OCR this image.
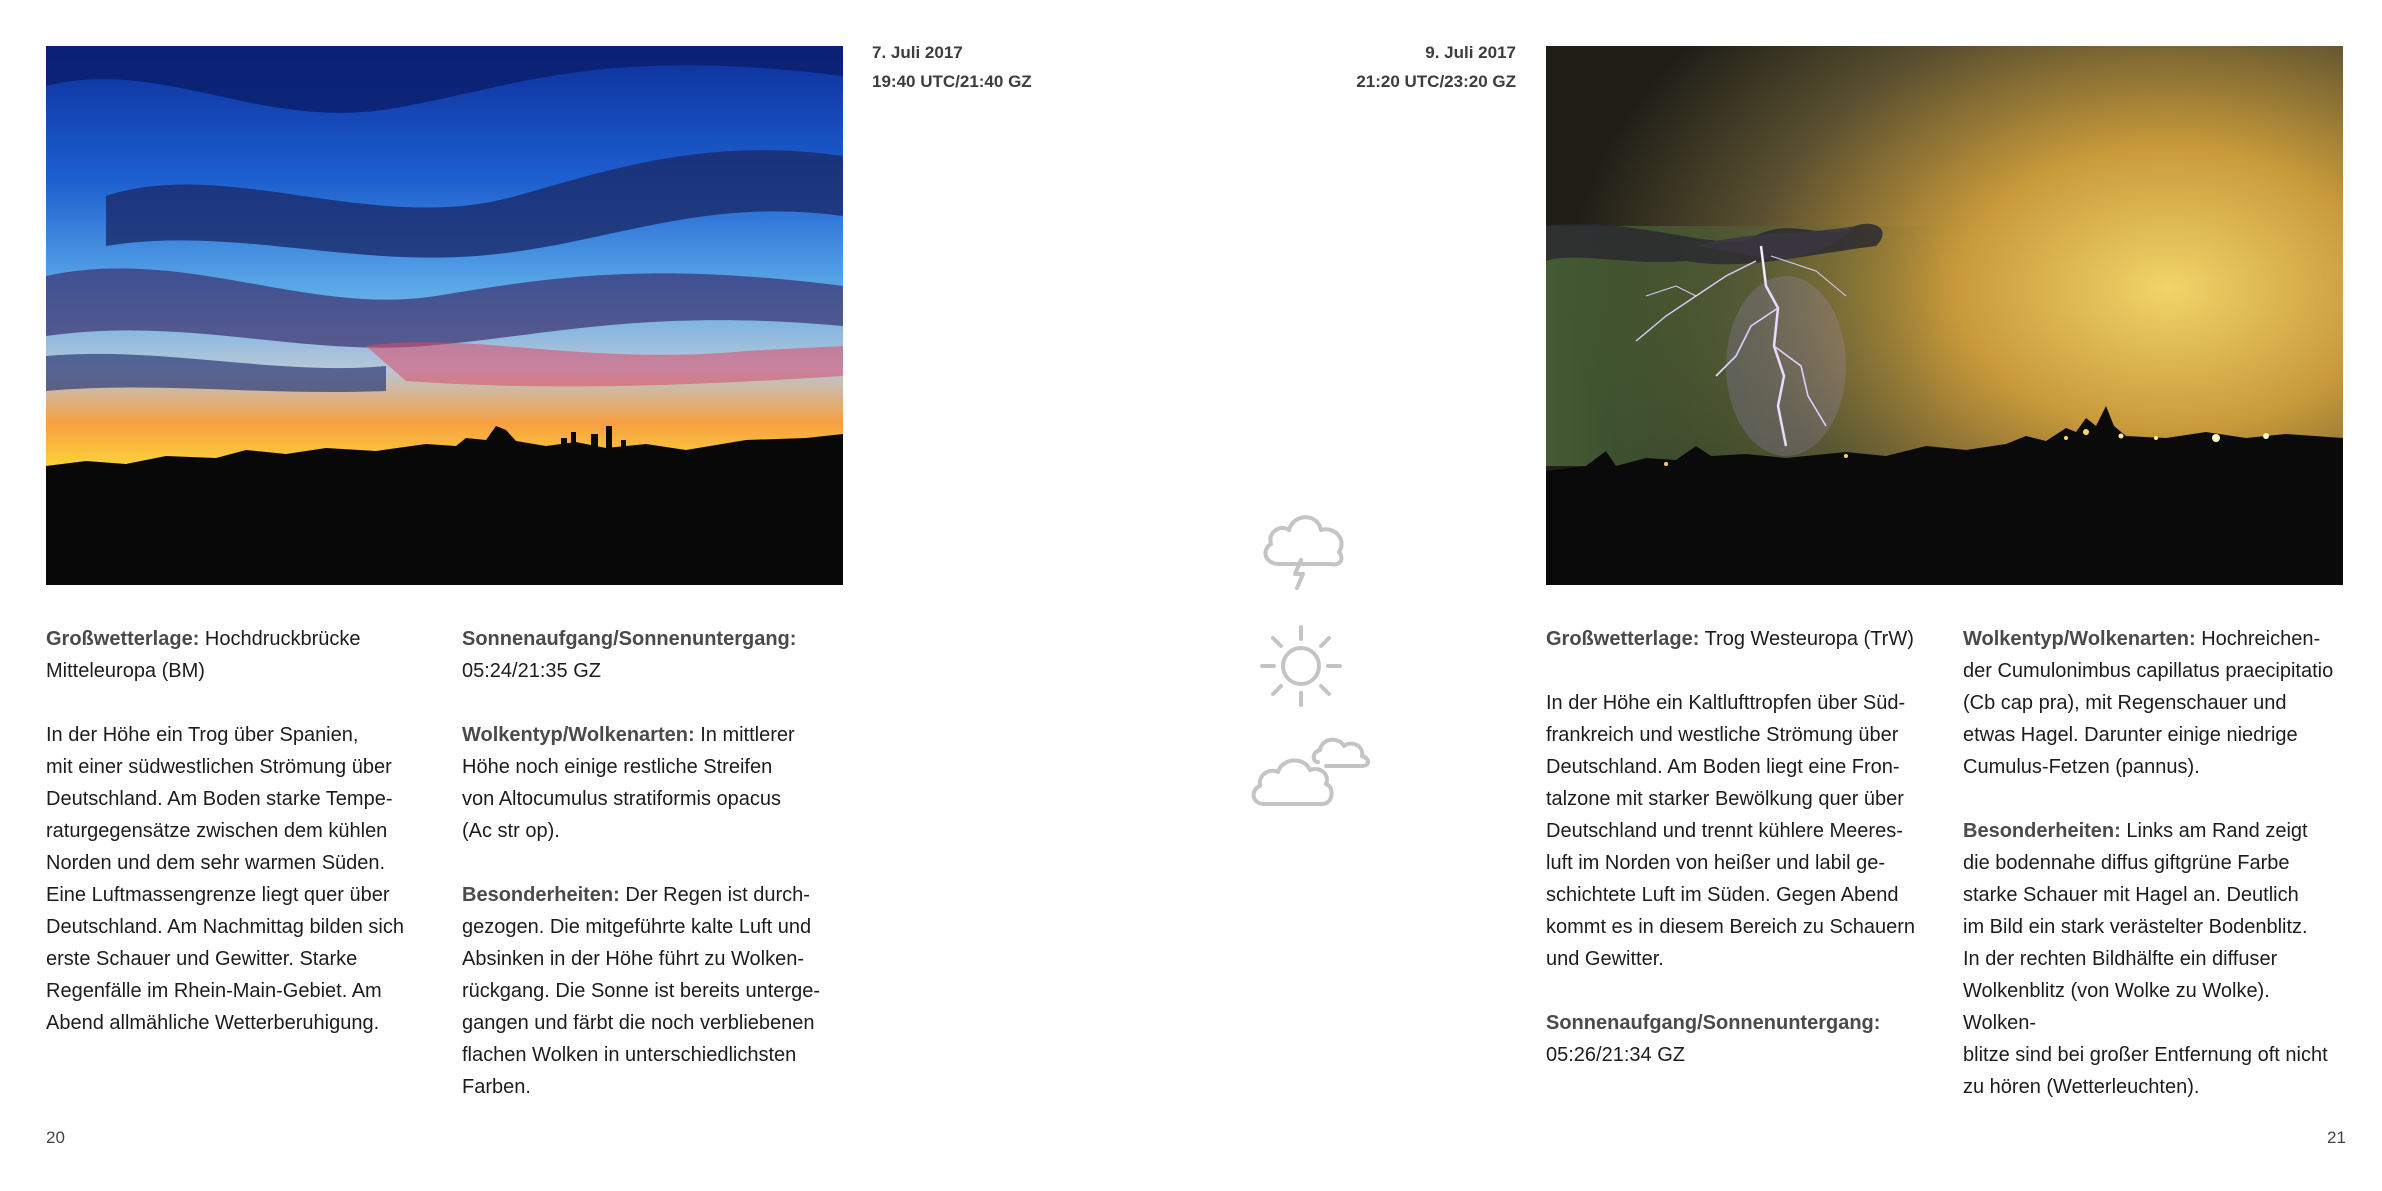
7. Juli 2017
19:40 UTC/21:40 GZ
9. Juli 2017
21:20 UTC/23:20 GZ

Großwetterlage: Hochdruckbrücke Mitteleuropa (BM)

In der Höhe ein Trog über Spanien,
mit einer südwestlichen Strömung über
Deutschland. Am Boden starke Tempe-
raturgegensätze zwischen dem kühlen
Norden und dem sehr warmen Süden.
Eine Luftmassengrenze liegt quer über
Deutschland. Am Nachmittag bilden sich
erste Schauer und Gewitter. Starke
Regenfälle im Rhein-Main-Gebiet. Am
Abend allmähliche Wetterberuhigung.

Sonnenaufgang/Sonnenuntergang:
05:24/21:35 GZ

Wolkentyp/Wolkenarten: In mittlerer
Höhe noch einige restliche Streifen
von Altocumulus stratiformis opacus
(Ac str op).

Besonderheiten: Der Regen ist durch-
gezogen. Die mitgeführte kalte Luft und
Absinken in der Höhe führt zu Wolken-
rückgang. Die Sonne ist bereits unterge-
gangen und färbt die noch verbliebenen
flachen Wolken in unterschiedlichsten
Farben.

Großwetterlage: Trog Westeuropa (TrW)

In der Höhe ein Kaltlufttropfen über Süd-
frankreich und westliche Strömung über
Deutschland. Am Boden liegt eine Fron-
talzone mit starker Bewölkung quer über
Deutschland und trennt kühlere Meeres-
luft im Norden von heißer und labil ge-
schichtete Luft im Süden. Gegen Abend
kommt es in diesem Bereich zu Schauern
und Gewitter.

Sonnenaufgang/Sonnenuntergang:
05:26/21:34 GZ

Wolkentyp/Wolkenarten: Hochreichen-
der Cumulonimbus capillatus praecipitatio
(Cb cap pra), mit Regenschauer und
etwas Hagel. Darunter einige niedrige
Cumulus-Fetzen (pannus).

Besonderheiten: Links am Rand zeigt
die bodennahe diffus giftgrüne Farbe
starke Schauer mit Hagel an. Deutlich
im Bild ein stark verästelter Bodenblitz.
In der rechten Bildhälfte ein diffuser
Wolkenblitz (von Wolke zu Wolke). Wolken-
blitze sind bei großer Entfernung oft nicht
zu hören (Wetterleuchten).

20	21
